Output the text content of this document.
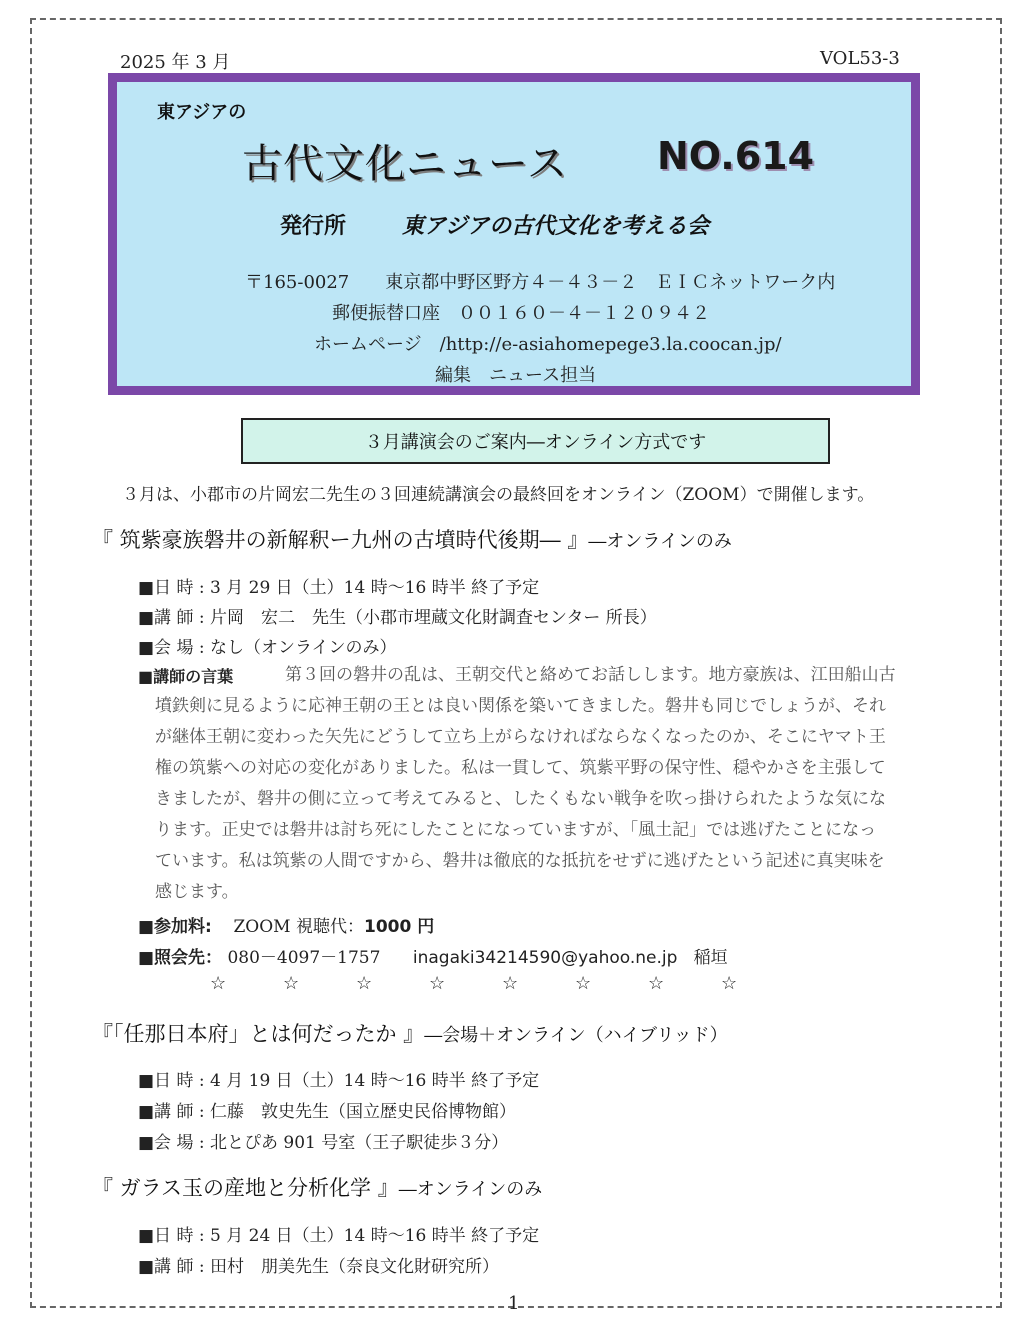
2025 年 3 月	VOL53-3
東アジアの
古代文化ニュース NO.614
発行所	東アジアの古代文化を考える会
〒165-0027　　東京都中野区野方４－４３－２　ＥＩＣネットワーク内
郵便振替口座　００１６０－４－１２０９４２
ホームページ　/http://e-asiahomepege3.la.coocan.jp/
編集　ニュース担当
３月講演会のご案内―オンライン方式です
３月は、小郡市の片岡宏二先生の３回連続講演会の最終回をオンライン（ZOOM）で開催します。
『 筑紫豪族磐井の新解釈ー九州の古墳時代後期― 』―オンラインのみ
■日 時 : 3 月 29 日（土）14 時～16 時半 終了予定
■講 師 : 片岡　宏二　先生（小郡市埋蔵文化財調査センター 所長）
■会 場 : なし（オンラインのみ）
■講師の言葉	第３回の磐井の乱は、王朝交代と絡めてお話しします。地方豪族は、江田船山古
墳鉄剣に見るように応神王朝の王とは良い関係を築いてきました。磐井も同じでしょうが、それ
が継体王朝に変わった矢先にどうして立ち上がらなければならなくなったのか、そこにヤマト王
権の筑紫への対応の変化がありました。私は一貫して、筑紫平野の保守性、穏やかさを主張して
きましたが、磐井の側に立って考えてみると、したくもない戦争を吹っ掛けられたような気にな
ります。正史では磐井は討ち死にしたことになっていますが、「風土記」では逃げたことになっ
ています。私は筑紫の人間ですから、磐井は徹底的な抵抗をせずに逃げたという記述に真実味を
感じます。
■参加料: ZOOM 視聴代：1000 円
■照会先： 080－4097－1757 inagaki34214590@yahoo.ne.jp 稲垣
☆	☆	☆	☆	☆	☆	☆	☆
『「任那日本府」とは何だったか 』―会場＋オンライン（ハイブリッド）
■日 時 : 4 月 19 日（土）14 時～16 時半 終了予定
■講 師 : 仁藤　敦史先生（国立歴史民俗博物館）
■会 場 : 北とぴあ 901 号室（王子駅徒歩３分）
『 ガラス玉の産地と分析化学 』―オンラインのみ
■日 時 : 5 月 24 日（土）14 時～16 時半 終了予定
■講 師 : 田村　朋美先生（奈良文化財研究所）
1
